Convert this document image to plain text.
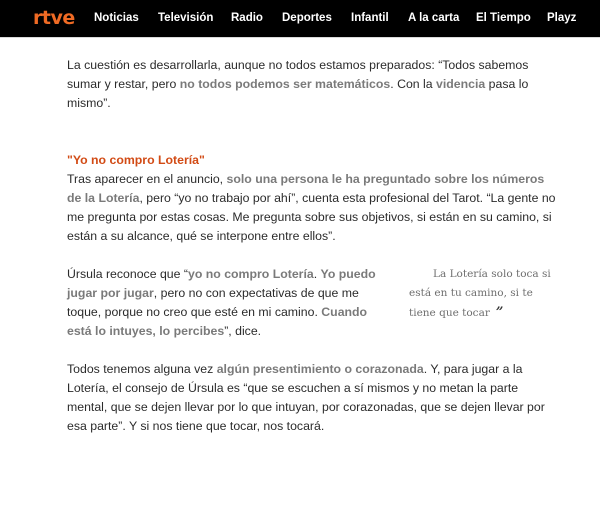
rtve Noticias Televisión Radio Deportes Infantil A la carta El Tiempo Playz

La cuestión es desarrollarla, aunque no todos estamos preparados: “Todos sabemos sumar y restar, pero no todos podemos ser matemáticos. Con la videncia pasa lo mismo”.

"Yo no compro Lotería"

Tras aparecer en el anuncio, solo una persona le ha preguntado sobre los números de la Lotería, pero “yo no trabajo por ahí”, cuenta esta profesional del Tarot. “La gente no me pregunta por estas cosas. Me pregunta sobre sus objetivos, si están en su camino, si están a su alcance, qué se interpone entre ellos”.

Úrsula reconoce que “yo no compro Lotería. Yo puedo jugar por jugar, pero no con expectativas de que me toque, porque no creo que esté en mi camino. Cuando está lo intuyes, lo percibes”, dice.

La Lotería solo toca si
está en tu camino, si te
tiene que tocar ”

Todos tenemos alguna vez algún presentimiento o corazonada. Y, para jugar a la Lotería, el consejo de Úrsula es “que se escuchen a sí mismos y no metan la parte mental, que se dejen llevar por lo que intuyan, por corazonadas, que se dejen llevar por esa parte”. Y si nos tiene que tocar, nos tocará.
